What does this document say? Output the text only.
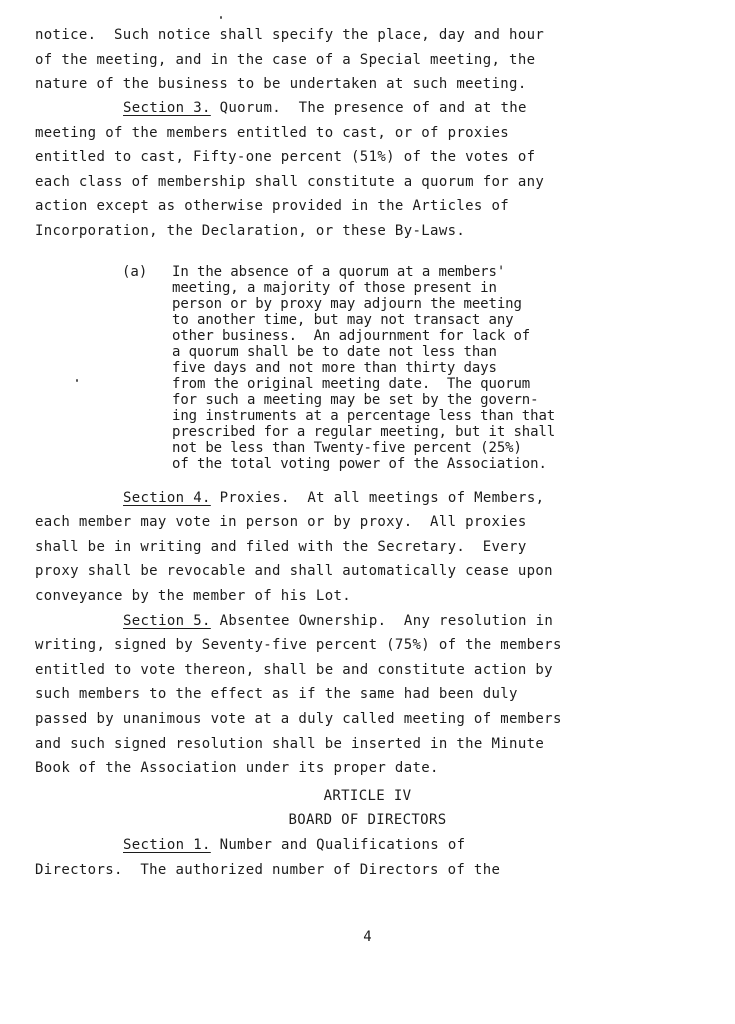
notice.  Such notice shall specify the place, day and hour
of the meeting, and in the case of a Special meeting, the
nature of the business to be undertaken at such meeting.
Section 3. Quorum.  The presence of and at the
meeting of the members entitled to cast, or of proxies
entitled to cast, Fifty-one percent (51%) of the votes of
each class of membership shall constitute a quorum for any
action except as otherwise provided in the Articles of
Incorporation, the Declaration, or these By-Laws.
(a) In the absence of a quorum at a members'
meeting, a majority of those present in
person or by proxy may adjourn the meeting
to another time, but may not transact any
other business.  An adjournment for lack of
a quorum shall be to date not less than
five days and not more than thirty days
from the original meeting date.  The quorum
for such a meeting may be set by the govern-
ing instruments at a percentage less than that
prescribed for a regular meeting, but it shall
not be less than Twenty-five percent (25%)
of the total voting power of the Association.
Section 4. Proxies.  At all meetings of Members,
each member may vote in person or by proxy.  All proxies
shall be in writing and filed with the Secretary.  Every
proxy shall be revocable and shall automatically cease upon
conveyance by the member of his Lot.
Section 5. Absentee Ownership.  Any resolution in
writing, signed by Seventy-five percent (75%) of the members
entitled to vote thereon, shall be and constitute action by
such members to the effect as if the same had been duly
passed by unanimous vote at a duly called meeting of members
and such signed resolution shall be inserted in the Minute
Book of the Association under its proper date.
ARTICLE IV
BOARD OF DIRECTORS
Section 1. Number and Qualifications of
Directors.  The authorized number of Directors of the
4
